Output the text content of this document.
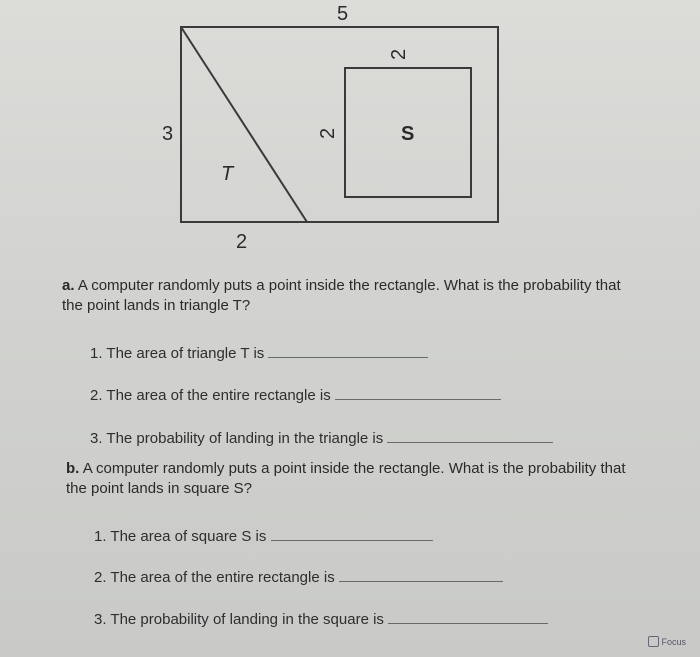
5
3
2
2
T
2
S
a. A computer randomly puts a point inside the rectangle. What is the probability that the point lands in triangle T?
1. The area of triangle T is
2. The area of the entire rectangle is
3. The probability of landing in the triangle is
b. A computer randomly puts a point inside the rectangle. What is the probability that the point lands in square S?
1. The area of square S is
2. The area of the entire rectangle is
3. The probability of landing in the square is
Focus
